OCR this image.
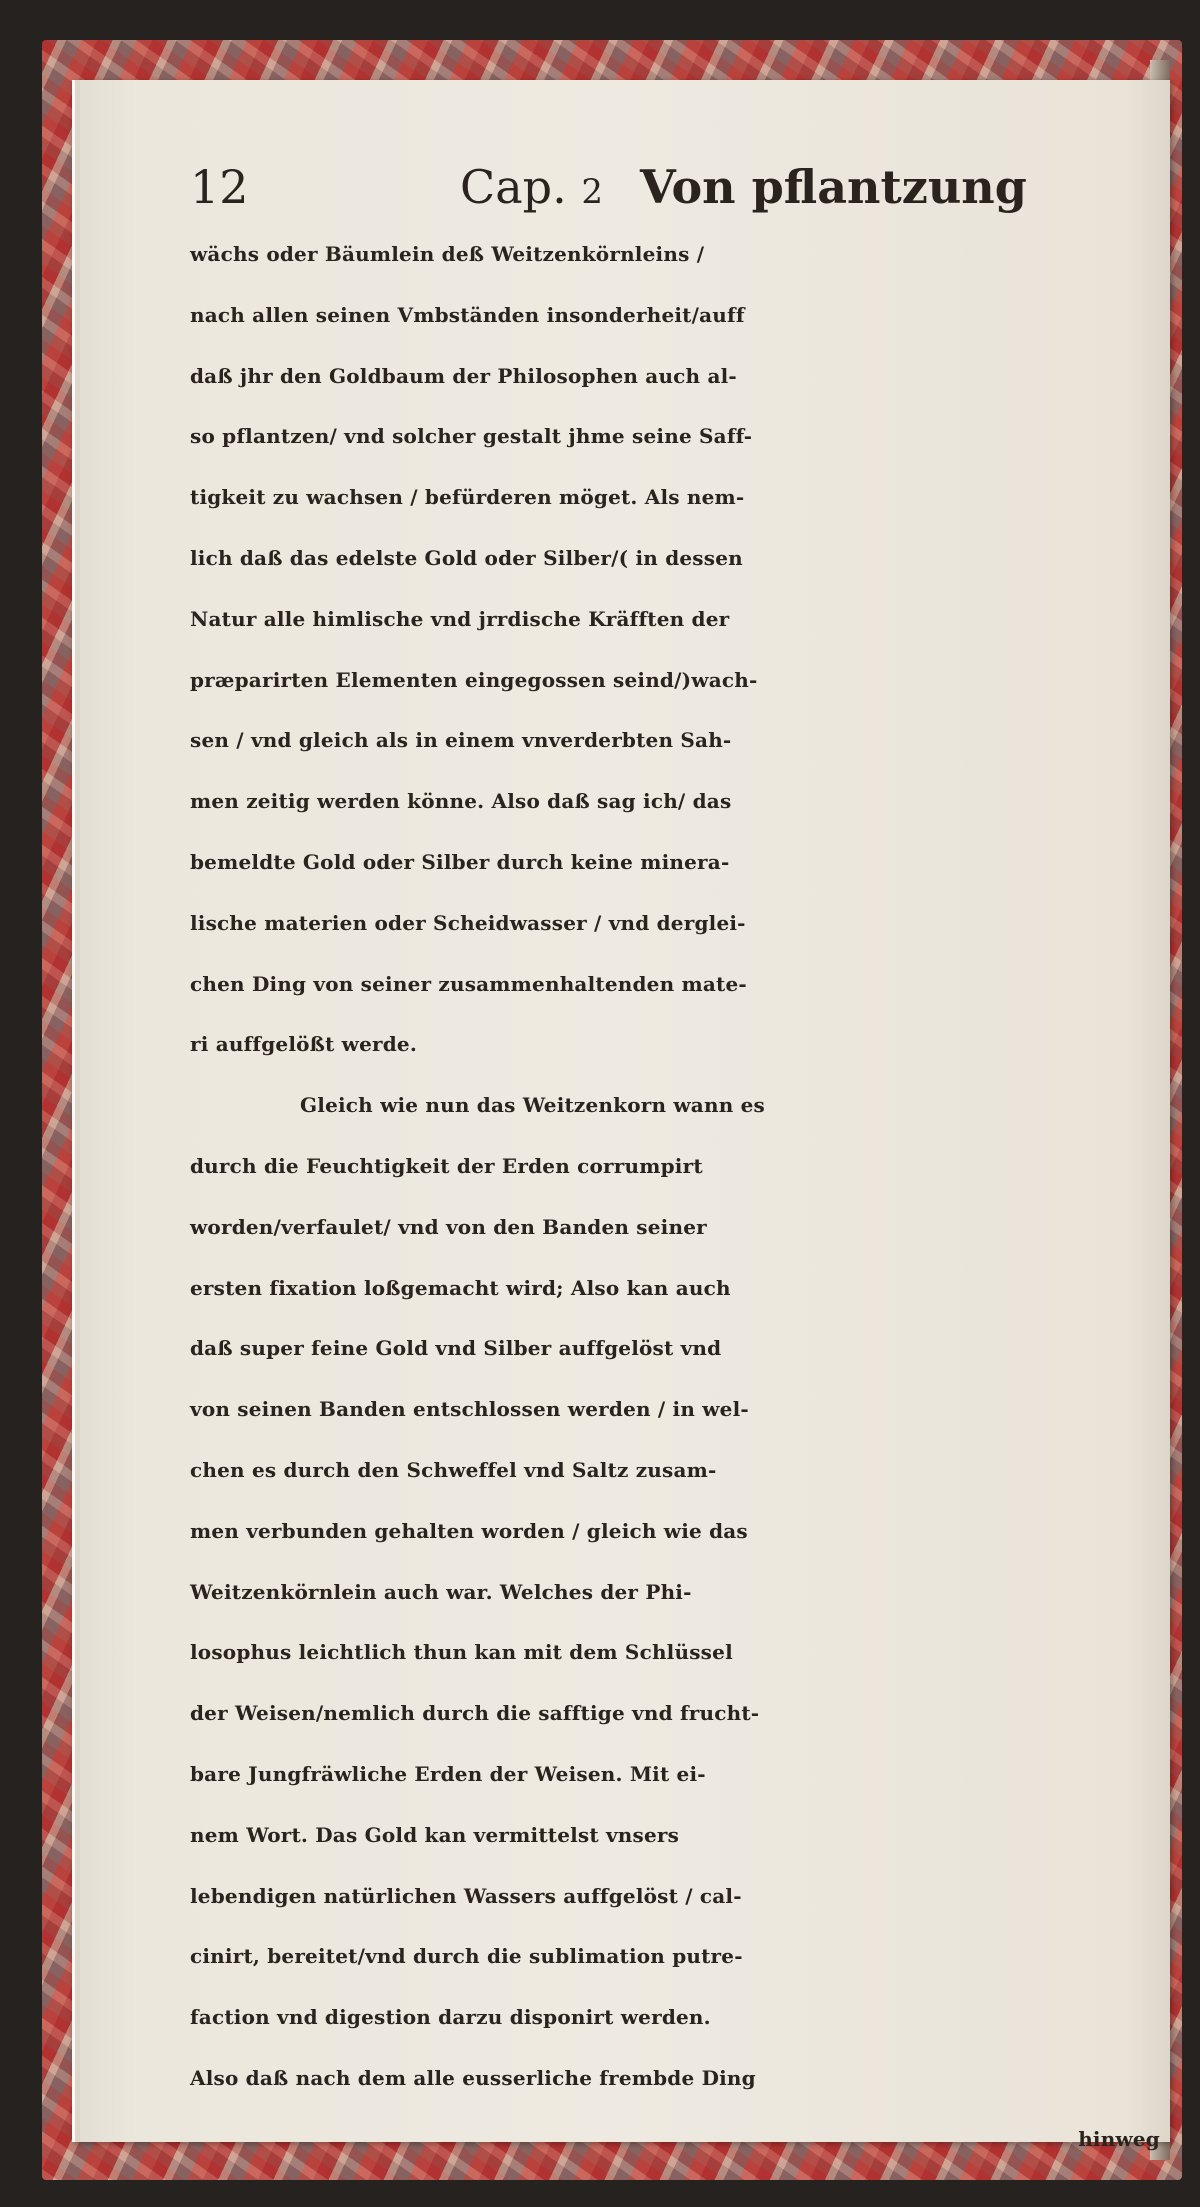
12	Cap. 2 Von pflantzung
wächs oder Bäumlein deß Weitzenkörnleins /
nach allen seinen Vmbständen insonderheit/auff
daß jhr den Goldbaum der Philosophen auch al-
so pflantzen/ vnd solcher gestalt jhme seine Saff-
tigkeit zu wachsen / befürderen möget. Als nem-
lich daß das edelste Gold oder Silber/( in dessen
Natur alle himlische vnd jrrdische Kräfften der
præparirten Elementen eingegossen seind/)wach-
sen / vnd gleich als in einem vnverderbten Sah-
men zeitig werden könne. Also daß sag ich/ das
bemeldte Gold oder Silber durch keine minera-
lische materien oder Scheidwasser / vnd derglei-
chen Ding von seiner zusammenhaltenden mate-
ri auffgelößt werde.
Gleich wie nun das Weitzenkorn wann es
durch die Feuchtigkeit der Erden corrumpirt
worden/verfaulet/ vnd von den Banden seiner
ersten fixation loßgemacht wird; Also kan auch
daß super feine Gold vnd Silber auffgelöst vnd
von seinen Banden entschlossen werden / in wel-
chen es durch den Schweffel vnd Saltz zusam-
men verbunden gehalten worden / gleich wie das
Weitzenkörnlein auch war. Welches der Phi-
losophus leichtlich thun kan mit dem Schlüssel
der Weisen/nemlich durch die safftige vnd frucht-
bare Jungfräwliche Erden der Weisen. Mit ei-
nem Wort. Das Gold kan vermittelst vnsers
lebendigen natürlichen Wassers auffgelöst / cal-
cinirt, bereitet/vnd durch die sublimation putre-
faction vnd digestion darzu disponirt werden.
Also daß nach dem alle eusserliche frembde Ding
hinweg
